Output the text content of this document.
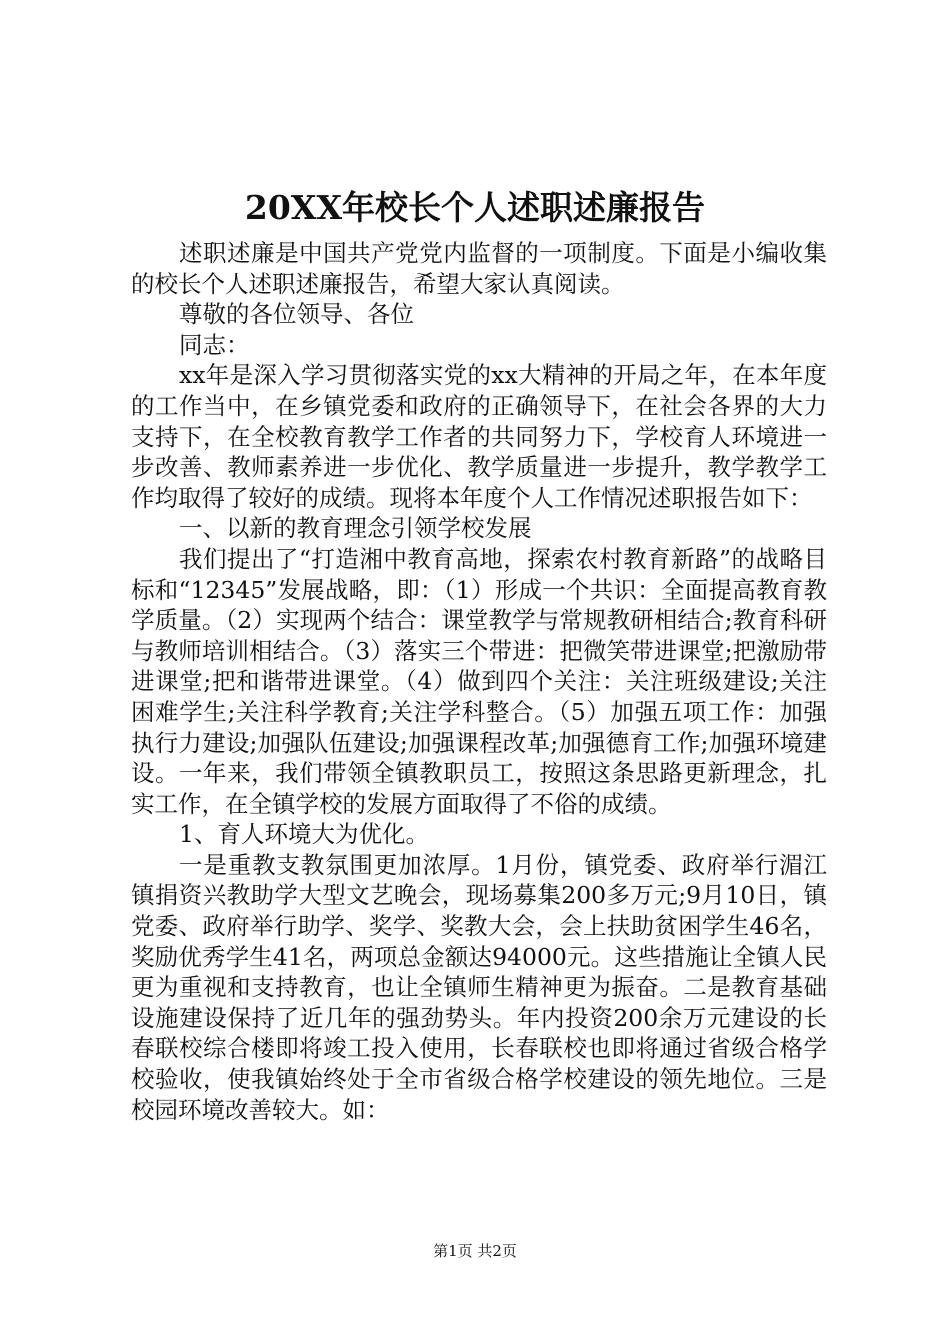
20XX年校长个人述职述廉报告

述职述廉是中国共产党党内监督的一项制度。下面是小编收集的校长个人述职述廉报告，希望大家认真阅读。

尊敬的各位领导、各位

同志：

xx年是深入学习贯彻落实党的xx大精神的开局之年，在本年度的工作当中，在乡镇党委和政府的正确领导下，在社会各界的大力支持下，在全校教育教学工作者的共同努力下，学校育人环境进一步改善、教师素养进一步优化、教学质量进一步提升，教学教学工作均取得了较好的成绩。现将本年度个人工作情况述职报告如下：

一、以新的教育理念引领学校发展

我们提出了“打造湘中教育高地，探索农村教育新路”的战略目标和“12345”发展战略，即：（1）形成一个共识：全面提高教育教学质量。（2）实现两个结合：课堂教学与常规教研相结合;教育科研与教师培训相结合。（3）落实三个带进：把微笑带进课堂;把激励带进课堂;把和谐带进课堂。（4）做到四个关注：关注班级建设;关注困难学生;关注科学教育;关注学科整合。（5）加强五项工作：加强执行力建设;加强队伍建设;加强课程改革;加强德育工作;加强环境建设。一年来，我们带领全镇教职员工，按照这条思路更新理念，扎实工作，在全镇学校的发展方面取得了不俗的成绩。

1、育人环境大为优化。

一是重教支教氛围更加浓厚。1月份，镇党委、政府举行湄江镇捐资兴教助学大型文艺晚会，现场募集200多万元;9月10日，镇党委、政府举行助学、奖学、奖教大会，会上扶助贫困学生46名，奖励优秀学生41名，两项总金额达94000元。这些措施让全镇人民更为重视和支持教育，也让全镇师生精神更为振奋。二是教育基础设施建设保持了近几年的强劲势头。年内投资200余万元建设的长春联校综合楼即将竣工投入使用，长春联校也即将通过省级合格学校验收，使我镇始终处于全市省级合格学校建设的领先地位。三是校园环境改善较大。如：

第1页 共2页
